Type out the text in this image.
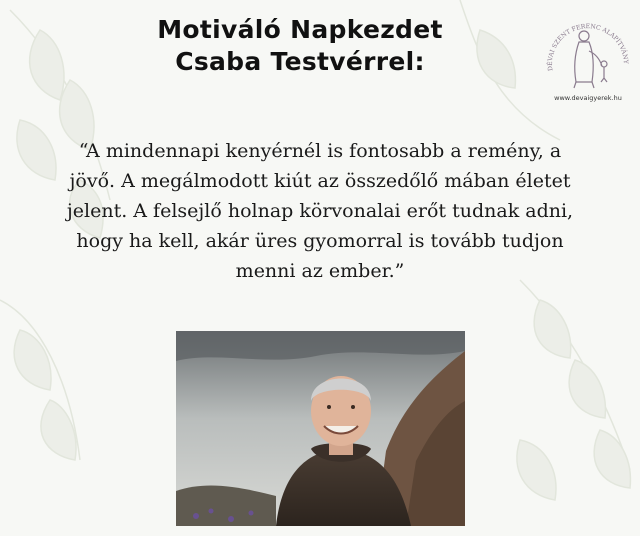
Motiváló Napkezdet
Csaba Testvérrel:	DÉVAI SZENT FERENC ALAPÍTVÁNY
www.devaigyerek.hu
“A mindennapi kenyérnél is fontosabb a remény, a
jövő. A megálmodott kiút az összedőlő mában életet
jelent. A felsejlő holnap körvonalai erőt tudnak adni,
hogy ha kell, akár üres gyomorral is tovább tudjon
menni az ember.”
